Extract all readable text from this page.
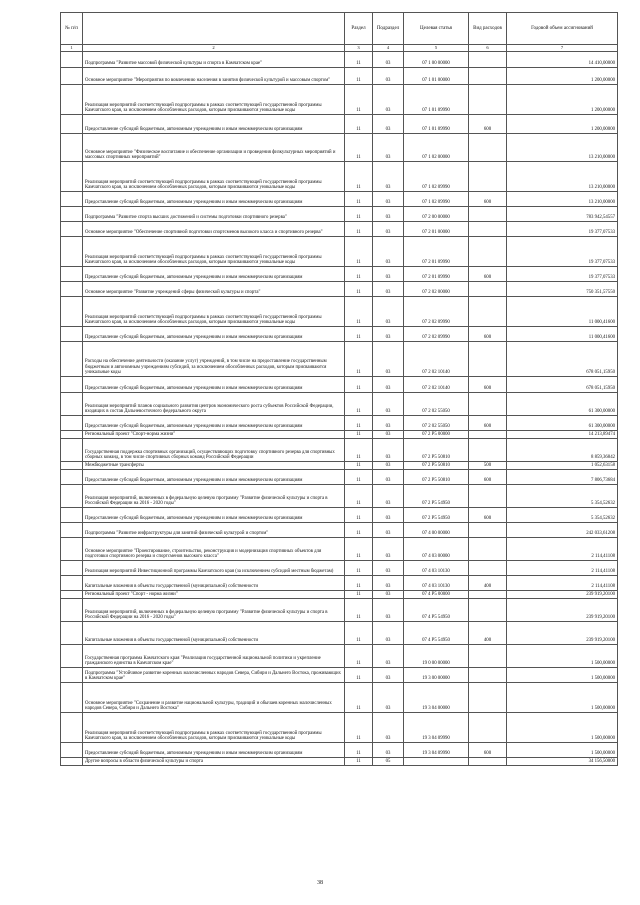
№ п/п		Раздел	Подраздел	Целевая статья	Вид расходов	Годовой объем ассигнований
1	2	3	4	5	6	7
	Подпрограмма "Развитие массовой физической культуры и спорта в Камчатском крае"	11	03	07 1 00 00000		14 410,00000
	Основное мероприятие "Мероприятия по вовлечению населения в занятия физической культурой и массовым спортом"	11	03	07 1 01 00000		1 200,00000
	Реализация мероприятий соответствующей подпрограммы в рамках соответствующей государственной программы Камчатского края, за исключением обособленных расходов, которым присваиваются уникальные коды	11	03	07 1 01 09990		1 200,00000
	Предоставление субсидий бюджетным, автономным учреждениям и иным некоммерческим организациям	11	03	07 1 01 09990	600	1 200,00000
	Основное мероприятие "Физическое воспитание и обеспечение организации и проведения физкультурных мероприятий и массовых спортивных мероприятий"	11	03	07 1 02 00000		13 210,00000
	Реализация мероприятий соответствующей подпрограммы в рамках соответствующей государственной программы Камчатского края, за исключением обособленных расходов, которым присваиваются уникальные коды	11	03	07 1 02 09990		13 210,00000
	Предоставление субсидий бюджетным, автономным учреждениям и иным некоммерческим организациям	11	03	07 1 02 09990	600	13 210,00000
	Подпрограмма "Развитие спорта высших достижений и системы подготовки спортивного резерва"	11	03	07 2 00 00000		783 942,54557
	Основное мероприятие "Обеспечение спортивной подготовки спортсменов высокого класса и спортивного резерва"	11	03	07 2 01 00000		19 377,07533
	Реализация мероприятий соответствующей подпрограммы в рамках соответствующей государственной программы Камчатского края, за исключением обособленных расходов, которым присваиваются уникальные коды	11	03	07 2 01 09990		19 377,07533
	Предоставление субсидий бюджетным, автономным учреждениям и иным некоммерческим организациям	11	03	07 2 01 09990	600	19 377,07533
	Основное мероприятие "Развитие учреждений сферы физической культуры и спорта"	11	03	07 2 02 00000		750 351,57550
	Реализация мероприятий соответствующей подпрограммы в рамках соответствующей государственной программы Камчатского края, за исключением обособленных расходов, которым присваиваются уникальные коды	11	03	07 2 02 09990		11 000,41600
	Предоставление субсидий бюджетным, автономным учреждениям и иным некоммерческим организациям	11	03	07 2 02 09990	600	11 000,41600
	Расходы на обеспечение деятельности (оказание услуг) учреждений, в том числе на предоставление государственным бюджетным и автономным учреждениям субсидий, за исключением обособленных расходов, которым присваиваются уникальные коды	11	03	07 2 02 10140		678 051,15950
	Предоставление субсидий бюджетным, автономным учреждениям и иным некоммерческим организациям	11	03	07 2 02 10140	600	678 051,15950
	Реализация мероприятий планов социального развития центров экономического роста субъектов Российской Федерации, входящих в состав Дальневосточного федерального округа	11	03	07 2 02 55050		61 300,00000
	Предоставление субсидий бюджетным, автономным учреждениям и иным некоммерческим организациям	11	03	07 2 02 55050	600	61 300,00000
	Региональный проект "Спорт-норма жизни"	11	03	07 2 P5 00000		14 213,89474
	Государственная поддержка спортивных организаций, осуществляющих подготовку спортивного резерва для спортивных сборных команд, в том числе спортивных сборных команд Российской Федерации	11	03	07 2 P5 50810		8 859,36842
	Межбюджетные трансферты	11	03	07 2 P5 50810	500	1 052,63158
	Предоставление субсидий бюджетным, автономным учреждениям и иным некоммерческим организациям	11	03	07 2 P5 50810	600	7 806,73684
	Реализация мероприятий, включенных в федеральную целевую программу "Развитие физической культуры и спорта в Российской Федерации на 2016 - 2020 годы"	11	03	07 2 P5 54950		5 354,52632
	Предоставление субсидий бюджетным, автономным учреждениям и иным некоммерческим организациям	11	03	07 2 P5 54950	600	5 354,52632
	Подпрограмма "Развитие инфраструктуры для занятий физической культурой и спортом"	11	03	07 4 00 00000		242 033,61208
	Основное мероприятие "Проектирование, строительство, реконструкция и модернизация спортивных объектов для подготовки спортивного резерва и спортсменов высокого класса"	11	03	07 4 03 00000		2 114,41108
	Реализация мероприятий Инвестиционной программы Камчатского края (за исключением субсидий местным бюджетам)	11	03	07 4 03 10130		2 114,41108
	Капитальные вложения в объекты государственной (муниципальной) собственности	11	03	07 4 03 10130	400	2 114,41108
	Региональный проект "Спорт - норма жизни"	11	03	07 4 P5 00000		239 919,20100
	Реализация мероприятий, включенных в федеральную целевую программу "Развитие физической культуры и спорта в Российской Федерации на 2016 - 2020 годы"	11	03	07 4 P5 54950		239 919,20100
	Капитальные вложения в объекты государственной (муниципальной) собственности	11	03	07 4 P5 54950	400	239 919,20100
	Государственная программа Камчатского края "Реализация государственной национальной политики и укрепление гражданского единства в Камчатском крае"	11	03	19 0 00 00000		1 500,00000
	Подпрограмма "Устойчивое развитие коренных малочисленных народов Севера, Сибири и Дальнего Востока, проживающих в Камчатском крае"	11	03	19 3 00 00000		1 500,00000
	Основное мероприятие "Сохранение и развитие национальной культуры, традиций и обычаев коренных малочисленных народов Севера, Сибири и Дальнего Востока"	11	03	19 3 04 00000		1 500,00000
	Реализация мероприятий соответствующей подпрограммы в рамках соответствующей государственной программы Камчатского края, за исключением обособленных расходов, которым присваиваются уникальные коды	11	03	19 3 04 09990		1 500,00000
	Предоставление субсидий бюджетным, автономным учреждениям и иным некоммерческим организациям	11	03	19 3 04 09990	600	1 500,00000
	Другие вопросы в области физической культуры и спорта	11	05			34 156,50000
38
